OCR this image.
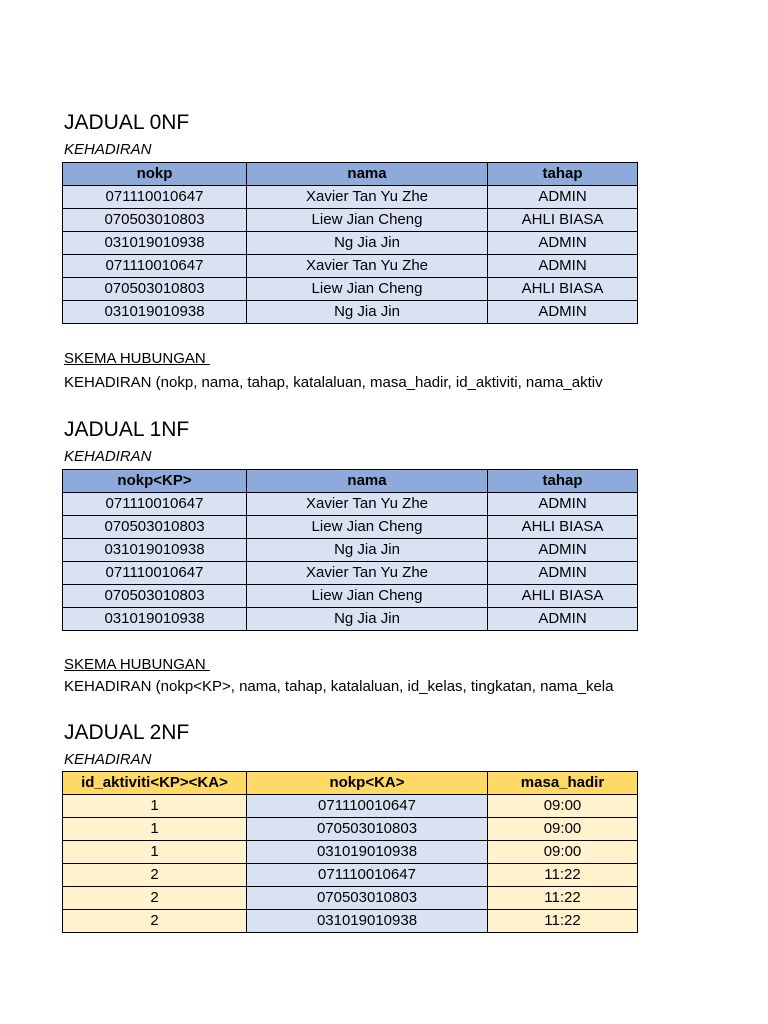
JADUAL 0NF
KEHADIRAN
nokp	nama	tahap
071110010647	Xavier Tan Yu Zhe	ADMIN
070503010803	Liew Jian Cheng	AHLI BIASA
031019010938	Ng Jia Jin	ADMIN
071110010647	Xavier Tan Yu Zhe	ADMIN
070503010803	Liew Jian Cheng	AHLI BIASA
031019010938	Ng Jia Jin	ADMIN
SKEMA HUBUNGAN
KEHADIRAN (nokp, nama, tahap, katalaluan, masa_hadir, id_aktiviti, nama_aktiv
JADUAL 1NF
KEHADIRAN
nokp<KP>	nama	tahap
071110010647	Xavier Tan Yu Zhe	ADMIN
070503010803	Liew Jian Cheng	AHLI BIASA
031019010938	Ng Jia Jin	ADMIN
071110010647	Xavier Tan Yu Zhe	ADMIN
070503010803	Liew Jian Cheng	AHLI BIASA
031019010938	Ng Jia Jin	ADMIN
SKEMA HUBUNGAN
KEHADIRAN (nokp<KP>, nama, tahap, katalaluan, id_kelas, tingkatan, nama_kela
JADUAL 2NF
KEHADIRAN
id_aktiviti<KP><KA>	nokp<KA>	masa_hadir
1	071110010647	09:00
1	070503010803	09:00
1	031019010938	09:00
2	071110010647	11:22
2	070503010803	11:22
2	031019010938	11:22
